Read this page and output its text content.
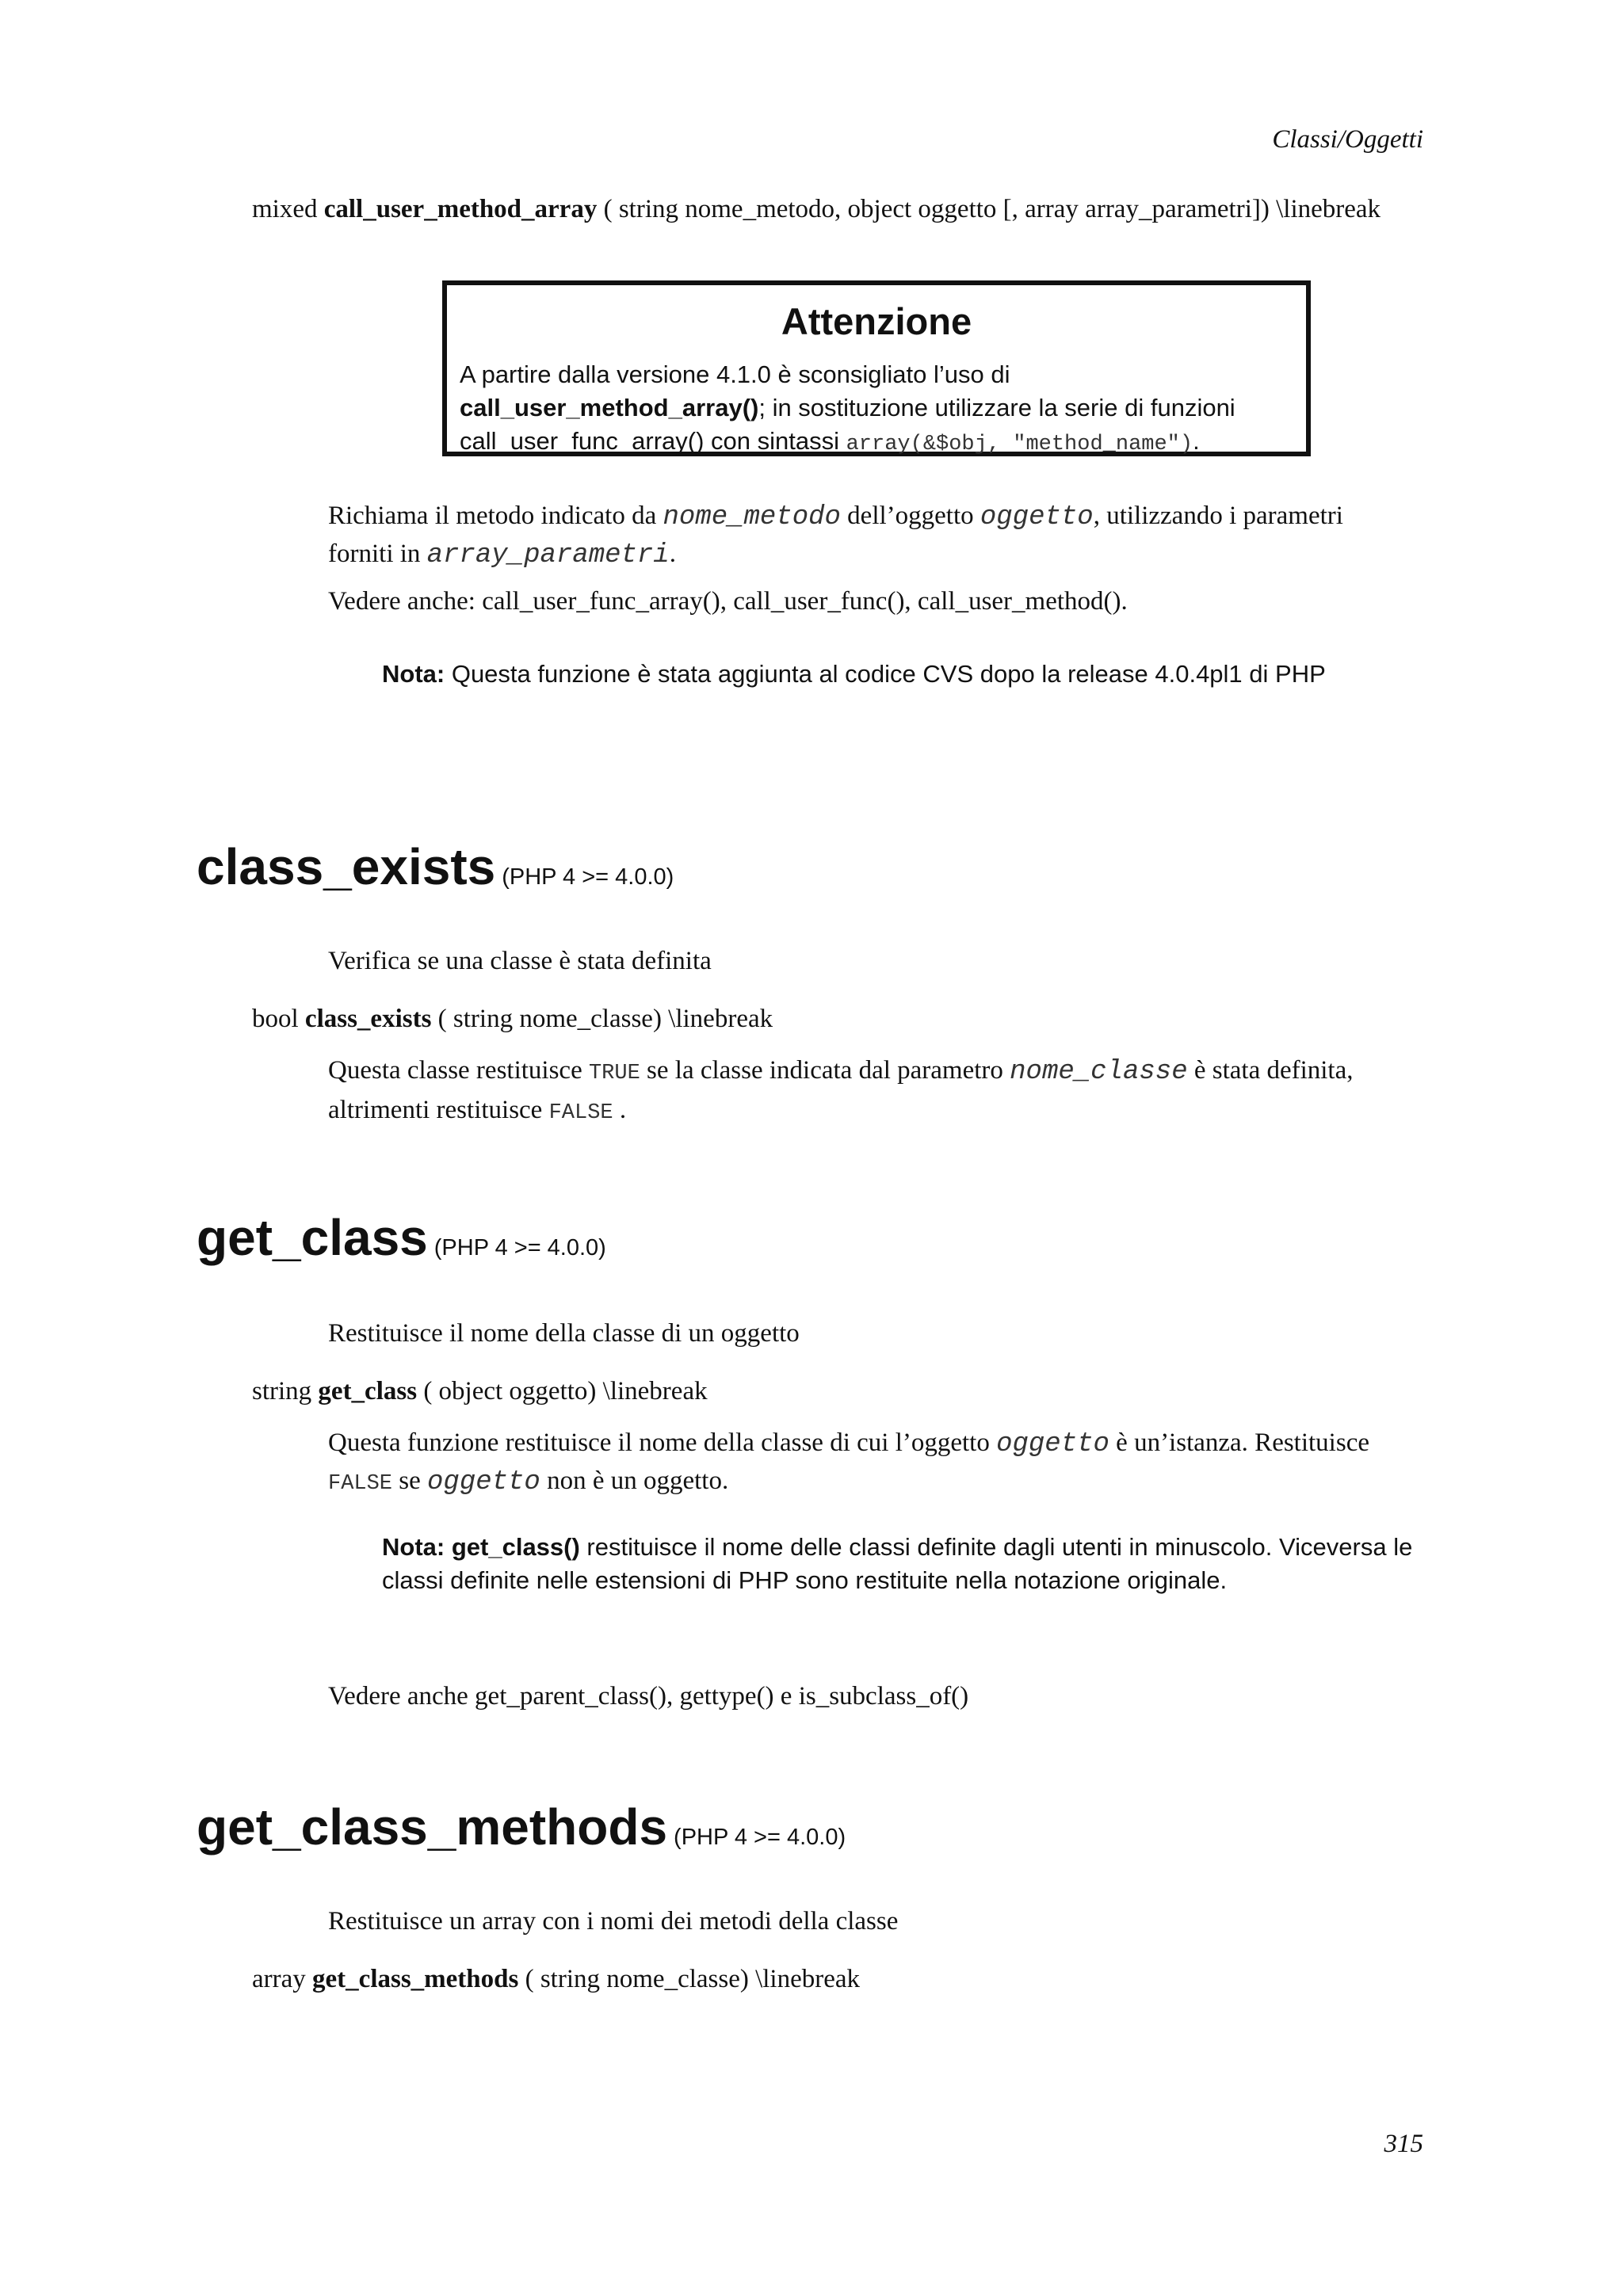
Classi/Oggetti
mixed call_user_method_array ( string nome_metodo, object oggetto [, array array_parametri]) \linebreak
Attenzione
A partire dalla versione 4.1.0 è sconsigliato l’uso di
call_user_method_array(); in sostituzione utilizzare la serie di funzioni
call_user_func_array() con sintassi array(&$obj, "method_name").
Richiama il metodo indicato da nome_metodo dell’oggetto oggetto, utilizzando i parametri
forniti in array_parametri.
Vedere anche: call_user_func_array(), call_user_func(), call_user_method().
Nota: Questa funzione è stata aggiunta al codice CVS dopo la release 4.0.4pl1 di PHP
class_exists (PHP 4 >= 4.0.0)
Verifica se una classe è stata definita
bool class_exists ( string nome_classe) \linebreak
Questa classe restituisce TRUE se la classe indicata dal parametro nome_classe è stata definita,
altrimenti restituisce FALSE .
get_class (PHP 4 >= 4.0.0)
Restituisce il nome della classe di un oggetto
string get_class ( object oggetto) \linebreak
Questa funzione restituisce il nome della classe di cui l’oggetto oggetto è un’istanza. Restituisce
FALSE se oggetto non è un oggetto.
Nota: get_class() restituisce il nome delle classi definite dagli utenti in minuscolo. Viceversa le
classi definite nelle estensioni di PHP sono restituite nella notazione originale.
Vedere anche get_parent_class(), gettype() e is_subclass_of()
get_class_methods (PHP 4 >= 4.0.0)
Restituisce un array con i nomi dei metodi della classe
array get_class_methods ( string nome_classe) \linebreak
315
